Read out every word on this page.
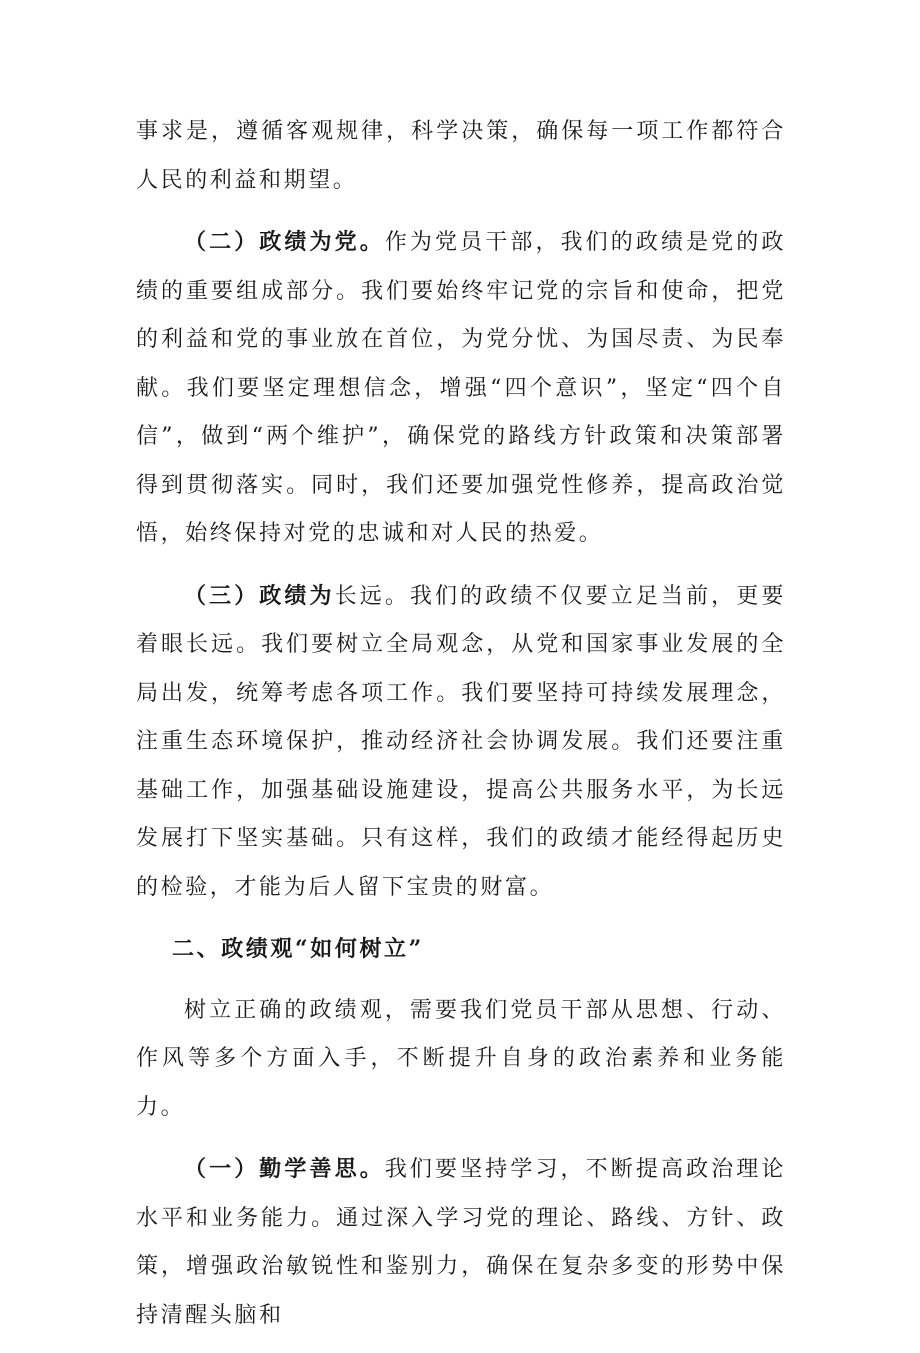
事求是，遵循客观规律，科学决策，确保每一项工作都符合人民的利益和期望。

（二）政绩为党。作为党员干部，我们的政绩是党的政绩的重要组成部分。我们要始终牢记党的宗旨和使命，把党的利益和党的事业放在首位，为党分忧、为国尽责、为民奉献。我们要坚定理想信念，增强“四个意识”，坚定“四个自信”，做到“两个维护”，确保党的路线方针政策和决策部署得到贯彻落实。同时，我们还要加强党性修养，提高政治觉悟，始终保持对党的忠诚和对人民的热爱。

（三）政绩为长远。我们的政绩不仅要立足当前，更要着眼长远。我们要树立全局观念，从党和国家事业发展的全局出发，统筹考虑各项工作。我们要坚持可持续发展理念，注重生态环境保护，推动经济社会协调发展。我们还要注重基础工作，加强基础设施建设，提高公共服务水平，为长远发展打下坚实基础。只有这样，我们的政绩才能经得起历史的检验，才能为后人留下宝贵的财富。

二、政绩观“如何树立”

树立正确的政绩观，需要我们党员干部从思想、行动、作风等多个方面入手，不断提升自身的政治素养和业务能力。

（一）勤学善思。我们要坚持学习，不断提高政治理论水平和业务能力。通过深入学习党的理论、路线、方针、政策，增强政治敏锐性和鉴别力，确保在复杂多变的形势中保持清醒头脑和
